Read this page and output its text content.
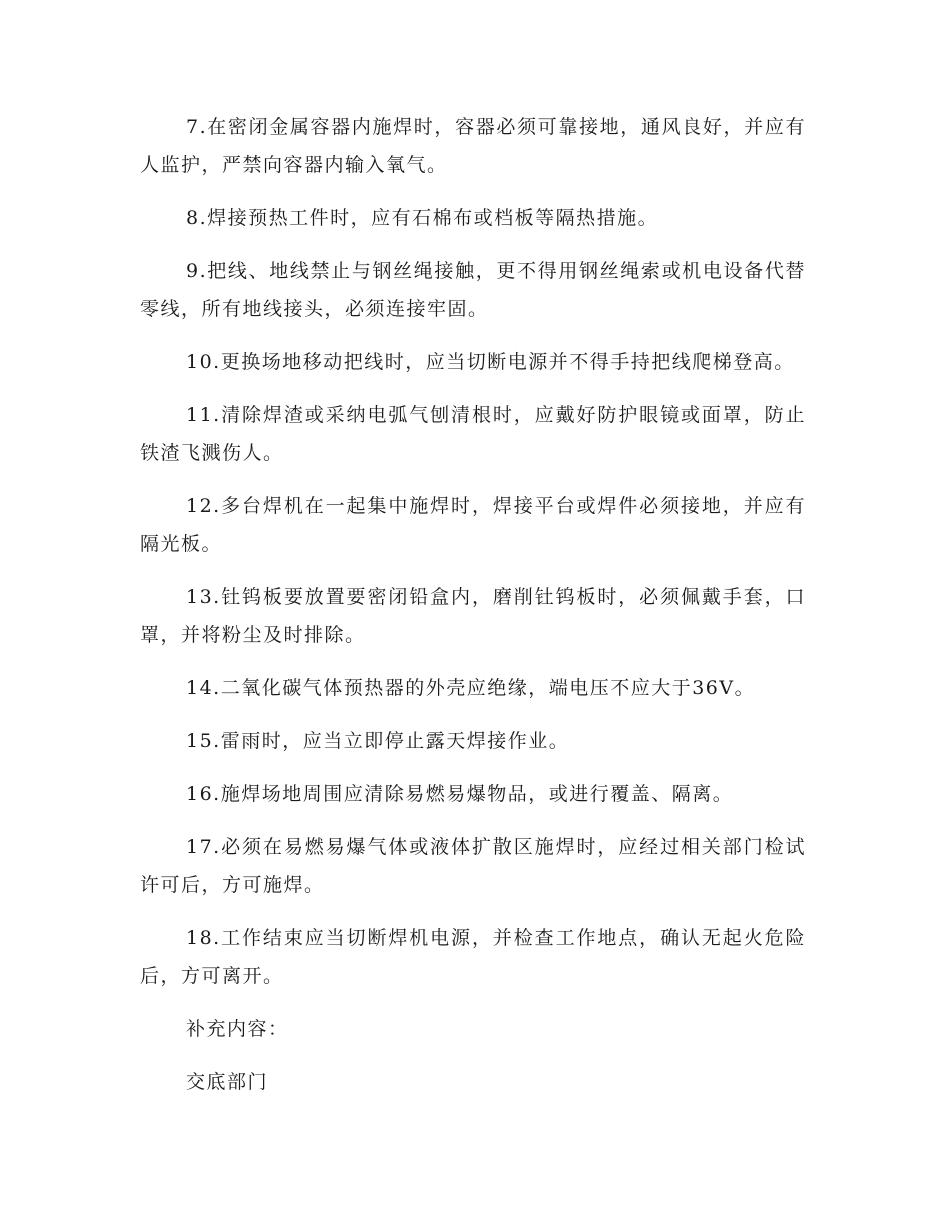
7.在密闭金属容器内施焊时，容器必须可靠接地，通风良好，并应有人监护，严禁向容器内输入氧气。

8.焊接预热工件时，应有石棉布或档板等隔热措施。

9.把线、地线禁止与钢丝绳接触，更不得用钢丝绳索或机电设备代替零线，所有地线接头，必须连接牢固。

10.更换场地移动把线时，应当切断电源并不得手持把线爬梯登高。

11.清除焊渣或采纳电弧气刨清根时，应戴好防护眼镜或面罩，防止铁渣飞溅伤人。

12.多台焊机在一起集中施焊时，焊接平台或焊件必须接地，并应有隔光板。

13.钍钨板要放置要密闭铅盒内，磨削钍钨板时，必须佩戴手套，口罩，并将粉尘及时排除。

14.二氧化碳气体预热器的外壳应绝缘，端电压不应大于36V。

15.雷雨时，应当立即停止露天焊接作业。

16.施焊场地周围应清除易燃易爆物品，或进行覆盖、隔离。

17.必须在易燃易爆气体或液体扩散区施焊时，应经过相关部门检试许可后，方可施焊。

18.工作结束应当切断焊机电源，并检查工作地点，确认无起火危险后，方可离开。

补充内容：

交底部门
